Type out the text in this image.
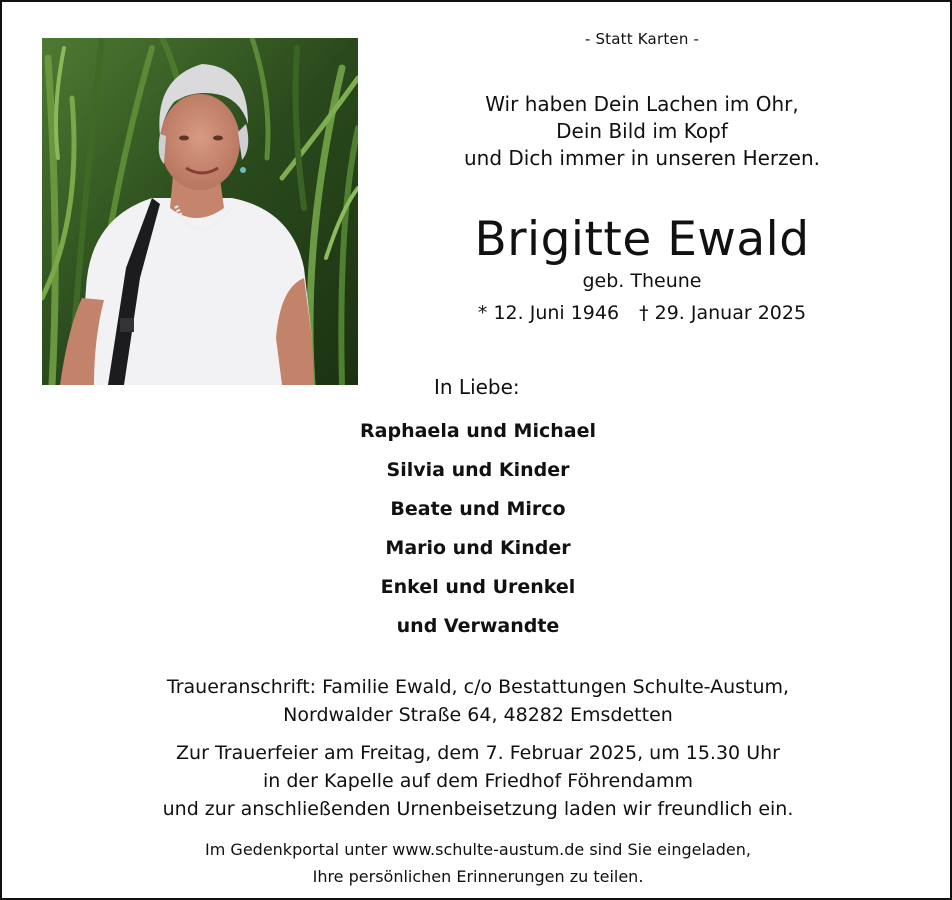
- Statt Karten -
Wir haben Dein Lachen im Ohr,
Dein Bild im Kopf
und Dich immer in unseren Herzen.
Brigitte Ewald
geb. Theune
* 12. Juni 1946 † 29. Januar 2025
In Liebe:
Raphaela und Michael
Silvia und Kinder
Beate und Mirco
Mario und Kinder
Enkel und Urenkel
und Verwandte
Traueranschrift: Familie Ewald, c/o Bestattungen Schulte-Austum,
Nordwalder Straße 64, 48282 Emsdetten
Zur Trauerfeier am Freitag, dem 7. Februar 2025, um 15.30 Uhr
in der Kapelle auf dem Friedhof Föhrendamm
und zur anschließenden Urnenbeisetzung laden wir freundlich ein.
Im Gedenkportal unter www.schulte-austum.de sind Sie eingeladen,
Ihre persönlichen Erinnerungen zu teilen.
